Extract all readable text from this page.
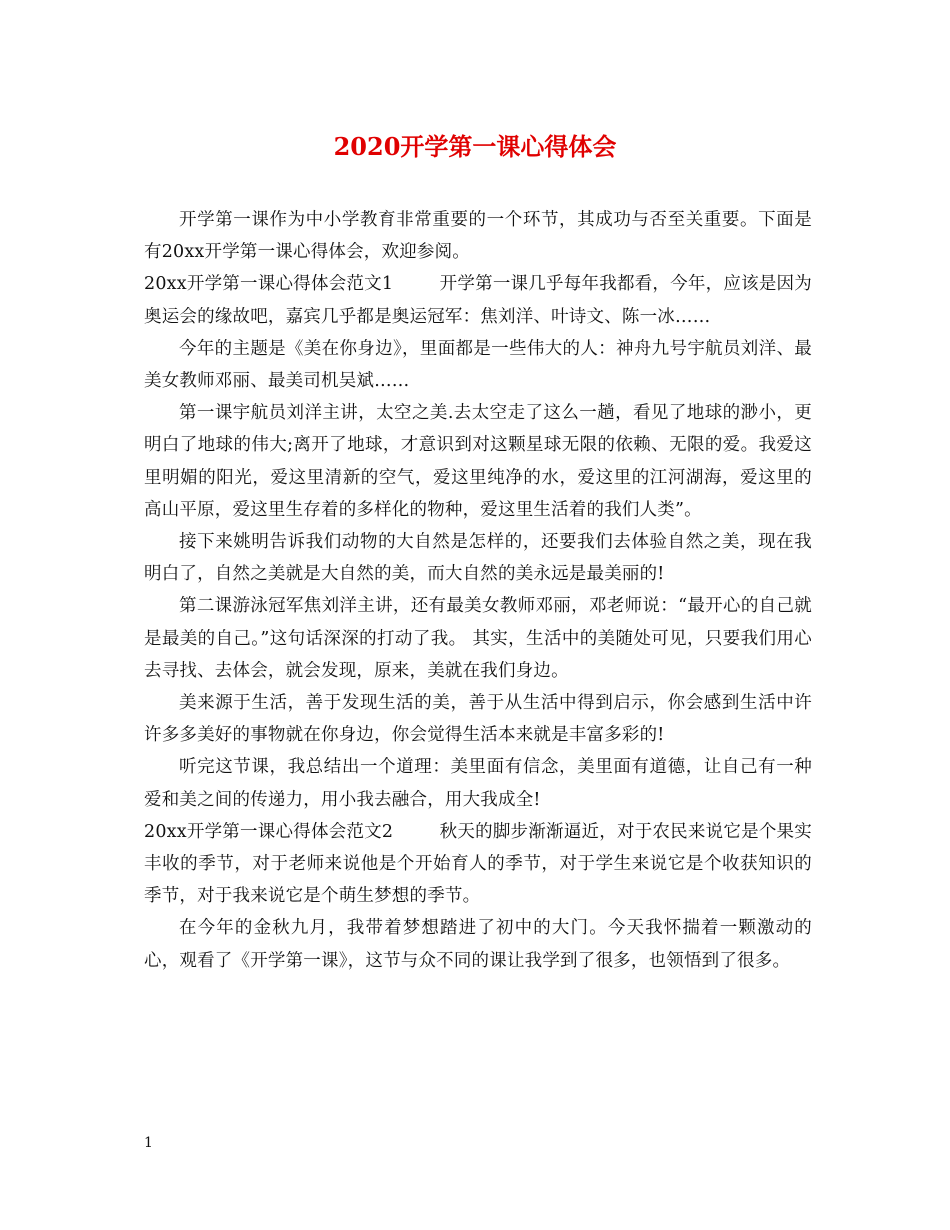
2020开学第一课心得体会

开学第一课作为中小学教育非常重要的一个环节，其成功与否至关重要。下面是有20xx开学第一课心得体会，欢迎参阅。

20xx开学第一课心得体会范文1	开学第一课几乎每年我都看，今年，应该是因为奥运会的缘故吧，嘉宾几乎都是奥运冠军：焦刘洋、叶诗文、陈一冰……

今年的主题是《美在你身边》，里面都是一些伟大的人：神舟九号宇航员刘洋、最美女教师邓丽、最美司机吴斌……

第一课宇航员刘洋主讲，太空之美.去太空走了这么一趟，看见了地球的渺小，更明白了地球的伟大;离开了地球，才意识到对这颗星球无限的依赖、无限的爱。我爱这里明媚的阳光，爱这里清新的空气，爱这里纯净的水，爱这里的江河湖海，爱这里的高山平原，爱这里生存着的多样化的物种，爱这里生活着的我们人类”。

接下来姚明告诉我们动物的大自然是怎样的，还要我们去体验自然之美，现在我明白了，自然之美就是大自然的美，而大自然的美永远是最美丽的!

第二课游泳冠军焦刘洋主讲，还有最美女教师邓丽，邓老师说：“最开心的自己就是最美的自己。”这句话深深的打动了我。 其实，生活中的美随处可见，只要我们用心去寻找、去体会，就会发现，原来，美就在我们身边。

美来源于生活，善于发现生活的美，善于从生活中得到启示，你会感到生活中许许多多美好的事物就在你身边，你会觉得生活本来就是丰富多彩的!

听完这节课，我总结出一个道理：美里面有信念，美里面有道德，让自己有一种爱和美之间的传递力，用小我去融合，用大我成全!

20xx开学第一课心得体会范文2	秋天的脚步渐渐逼近，对于农民来说它是个果实丰收的季节，对于老师来说他是个开始育人的季节，对于学生来说它是个收获知识的季节，对于我来说它是个萌生梦想的季节。

在今年的金秋九月，我带着梦想踏进了初中的大门。今天我怀揣着一颗激动的心，观看了《开学第一课》，这节与众不同的课让我学到了很多，也领悟到了很多。

1
